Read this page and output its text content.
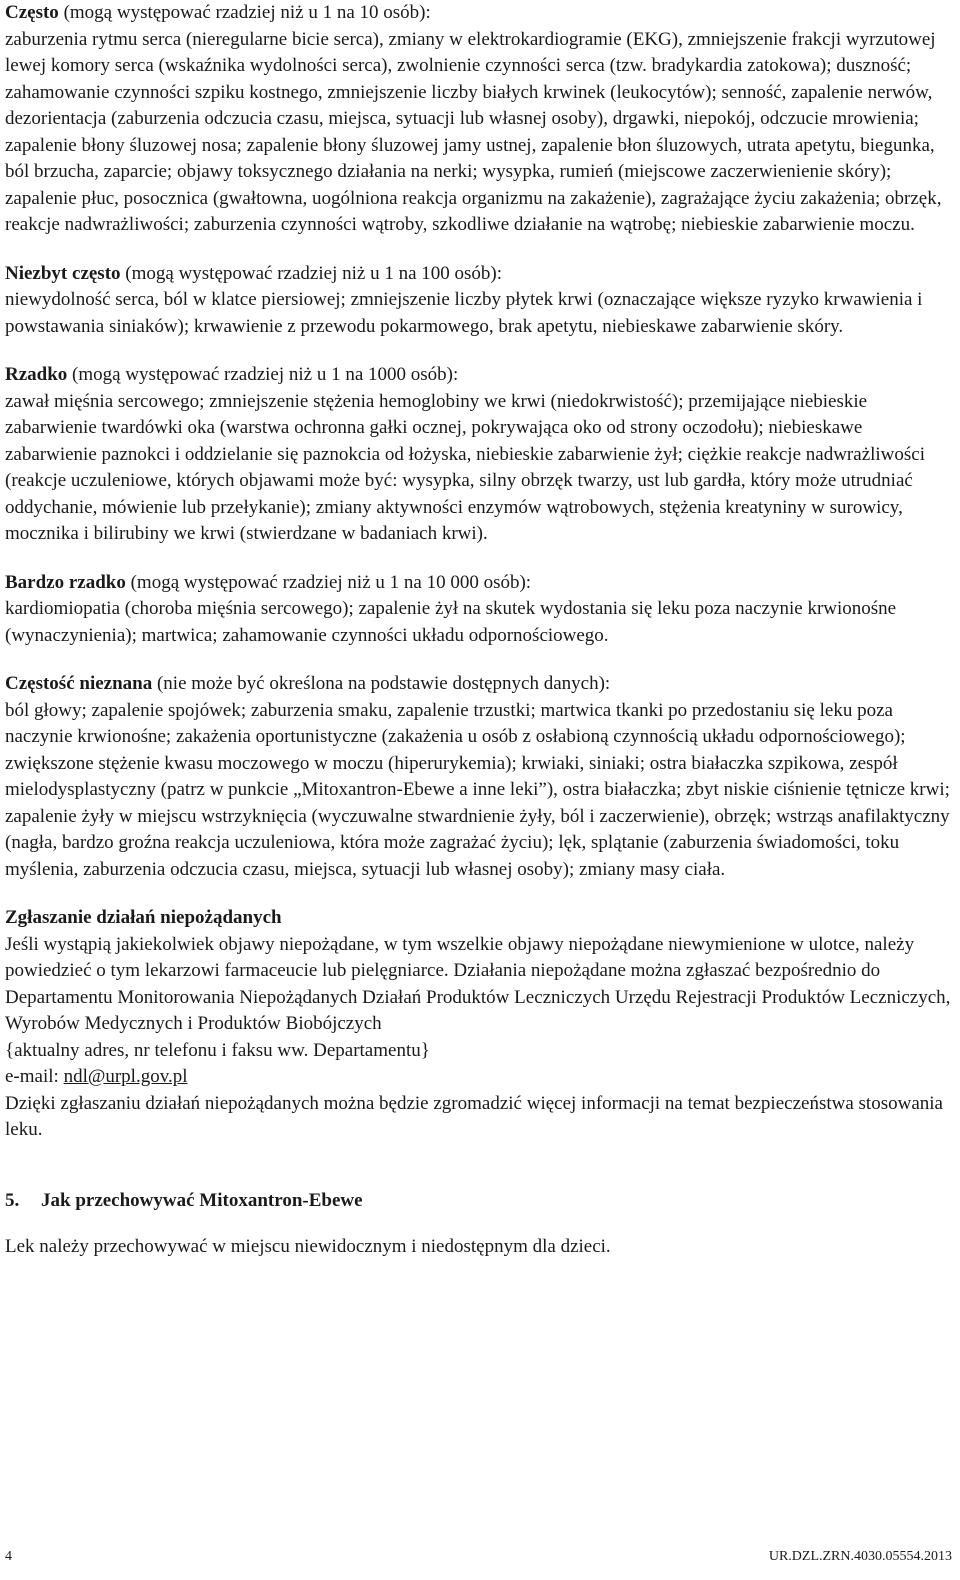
Często (mogą występować rzadziej niż u 1 na 10 osób):
zaburzenia rytmu serca (nieregularne bicie serca), zmiany w elektrokardiogramie (EKG), zmniejszenie frakcji wyrzutowej lewej komory serca (wskaźnika wydolności serca), zwolnienie czynności serca (tzw. bradykardia zatokowa); duszność; zahamowanie czynności szpiku kostnego, zmniejszenie liczby białych krwinek (leukocytów); senność, zapalenie nerwów, dezorientacja (zaburzenia odczucia czasu, miejsca, sytuacji lub własnej osoby), drgawki, niepokój, odczucie mrowienia; zapalenie błony śluzowej nosa; zapalenie błony śluzowej jamy ustnej, zapalenie błon śluzowych, utrata apetytu, biegunka, ból brzucha, zaparcie; objawy toksycznego działania na nerki; wysypka, rumień (miejscowe zaczerwienienie skóry); zapalenie płuc, posocznica (gwałtowna, uogólniona reakcja organizmu na zakażenie), zagrażające życiu zakażenia; obrzęk, reakcje nadwrażliwości; zaburzenia czynności wątroby, szkodliwe działanie na wątrobę; niebieskie zabarwienie moczu.

Niezbyt często (mogą występować rzadziej niż u 1 na 100 osób):
niewydolność serca, ból w klatce piersiowej; zmniejszenie liczby płytek krwi (oznaczające większe ryzyko krwawienia i powstawania siniaków); krwawienie z przewodu pokarmowego, brak apetytu, niebieskawe zabarwienie skóry.

Rzadko (mogą występować rzadziej niż u 1 na 1000 osób):
zawał mięśnia sercowego; zmniejszenie stężenia hemoglobiny we krwi (niedokrwistość); przemijające niebieskie zabarwienie twardówki oka (warstwa ochronna gałki ocznej, pokrywająca oko od strony oczodołu); niebieskawe zabarwienie paznokci i oddzielanie się paznokcia od łożyska, niebieskie zabarwienie żył; ciężkie reakcje nadwrażliwości (reakcje uczuleniowe, których objawami może być: wysypka, silny obrzęk twarzy, ust lub gardła, który może utrudniać oddychanie, mówienie lub przełykanie); zmiany aktywności enzymów wątrobowych, stężenia kreatyniny w surowicy, mocznika i bilirubiny we krwi (stwierdzane w badaniach krwi).

Bardzo rzadko (mogą występować rzadziej niż u 1 na 10 000 osób):
kardiomiopatia (choroba mięśnia sercowego); zapalenie żył na skutek wydostania się leku poza naczynie krwionośne (wynaczynienia); martwica; zahamowanie czynności układu odpornościowego.

Częstość nieznana (nie może być określona na podstawie dostępnych danych):
ból głowy; zapalenie spojówek; zaburzenia smaku, zapalenie trzustki; martwica tkanki po przedostaniu się leku poza naczynie krwionośne; zakażenia oportunistyczne (zakażenia u osób z osłabioną czynnością układu odpornościowego); zwiększone stężenie kwasu moczowego w moczu (hiperurykemia); krwiaki, siniaki; ostra białaczka szpikowa, zespół mielodysplastyczny (patrz w punkcie „Mitoxantron-Ebewe a inne leki”), ostra białaczka; zbyt niskie ciśnienie tętnicze krwi; zapalenie żyły w miejscu wstrzyknięcia (wyczuwalne stwardnienie żyły, ból i zaczerwienie), obrzęk; wstrząs anafilaktyczny (nagła, bardzo groźna reakcja uczuleniowa, która może zagrażać życiu); lęk, splątanie (zaburzenia świadomości, toku myślenia, zaburzenia odczucia czasu, miejsca, sytuacji lub własnej osoby); zmiany masy ciała.

Zgłaszanie działań niepożądanych
Jeśli wystąpią jakiekolwiek objawy niepożądane, w tym wszelkie objawy niepożądane niewymienione w ulotce, należy powiedzieć o tym lekarzowi farmaceucie lub pielęgniarce. Działania niepożądane można zgłaszać bezpośrednio do Departamentu Monitorowania Niepożądanych Działań Produktów Leczniczych Urzędu Rejestracji Produktów Leczniczych, Wyrobów Medycznych i Produktów Biobójczych
{aktualny adres, nr telefonu i faksu ww. Departamentu}
e-mail: ndl@urpl.gov.pl
Dzięki zgłaszaniu działań niepożądanych można będzie zgromadzić więcej informacji na temat bezpieczeństwa stosowania leku.

5. Jak przechowywać Mitoxantron-Ebewe

Lek należy przechowywać w miejscu niewidocznym i niedostępnym dla dzieci.

4	UR.DZL.ZRN.4030.05554.2013
